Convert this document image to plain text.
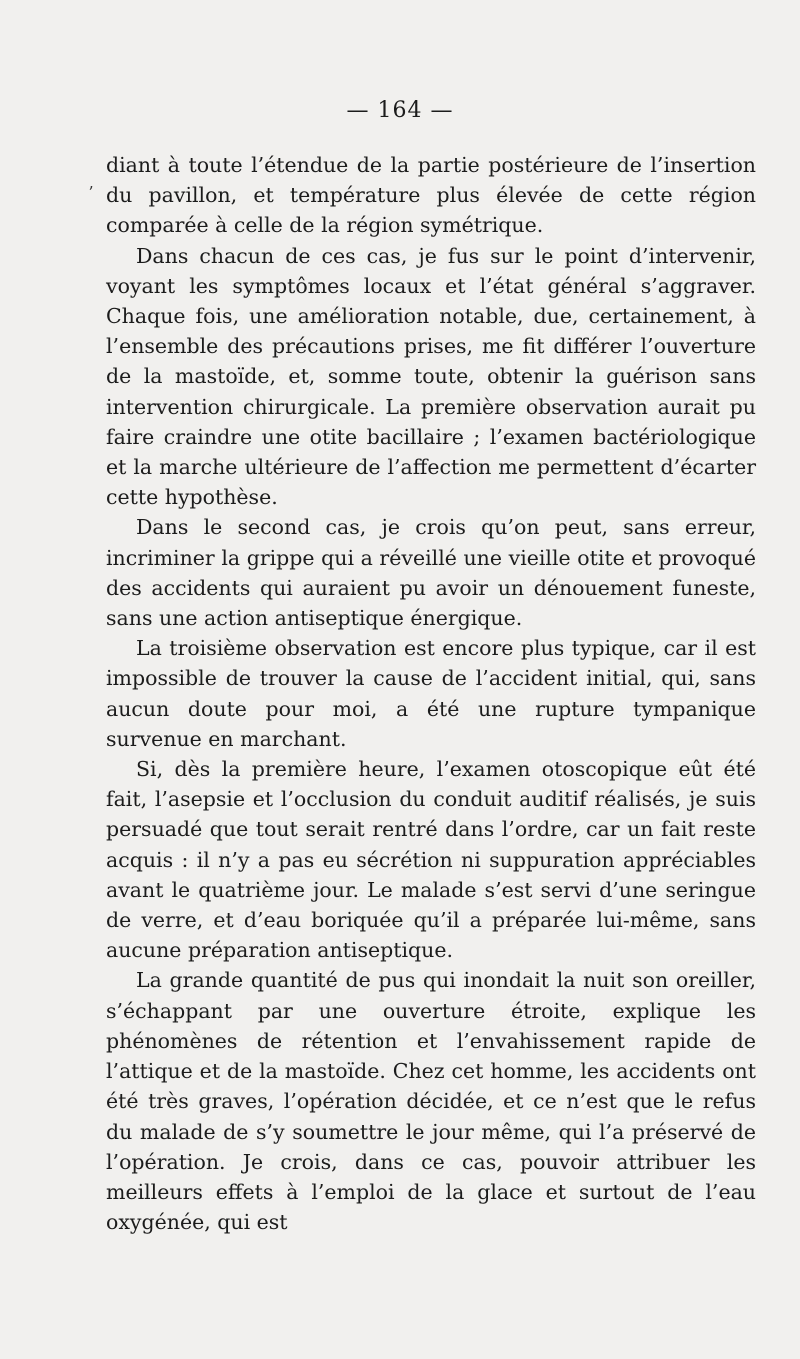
— 164 —
ʼ

diant à toute l’étendue de la partie postérieure de l’insertion du pavillon, et température plus élevée de cette région comparée à celle de la région symétrique.

Dans chacun de ces cas, je fus sur le point d’intervenir, voyant les symptômes locaux et l’état général s’aggraver. Chaque fois, une amélioration notable, due, certainement, à l’ensemble des précautions prises, me fit différer l’ouverture de la mastoïde, et, somme toute, obtenir la guérison sans intervention chirurgicale. La première observation aurait pu faire craindre une otite bacillaire ; l’examen bactériologique et la marche ultérieure de l’affection me permettent d’écarter cette hypothèse.

Dans le second cas, je crois qu’on peut, sans erreur, incriminer la grippe qui a réveillé une vieille otite et provoqué des accidents qui auraient pu avoir un dénouement funeste, sans une action antiseptique énergique.

La troisième observation est encore plus typique, car il est impossible de trouver la cause de l’accident initial, qui, sans aucun doute pour moi, a été une rupture tympanique survenue en marchant.

Si, dès la première heure, l’examen otoscopique eût été fait, l’asepsie et l’occlusion du conduit auditif réalisés, je suis persuadé que tout serait rentré dans l’ordre, car un fait reste acquis : il n’y a pas eu sécrétion ni suppuration appréciables avant le quatrième jour. Le malade s’est servi d’une seringue de verre, et d’eau boriquée qu’il a préparée lui-même, sans aucune préparation antiseptique.

La grande quantité de pus qui inondait la nuit son oreiller, s’échappant par une ouverture étroite, explique les phénomènes de rétention et l’envahissement rapide de l’attique et de la mastoïde. Chez cet homme, les accidents ont été très graves, l’opération décidée, et ce n’est que le refus du malade de s’y soumettre le jour même, qui l’a préservé de l’opération. Je crois, dans ce cas, pouvoir attribuer les meilleurs effets à l’emploi de la glace et surtout de l’eau oxygénée, qui est
